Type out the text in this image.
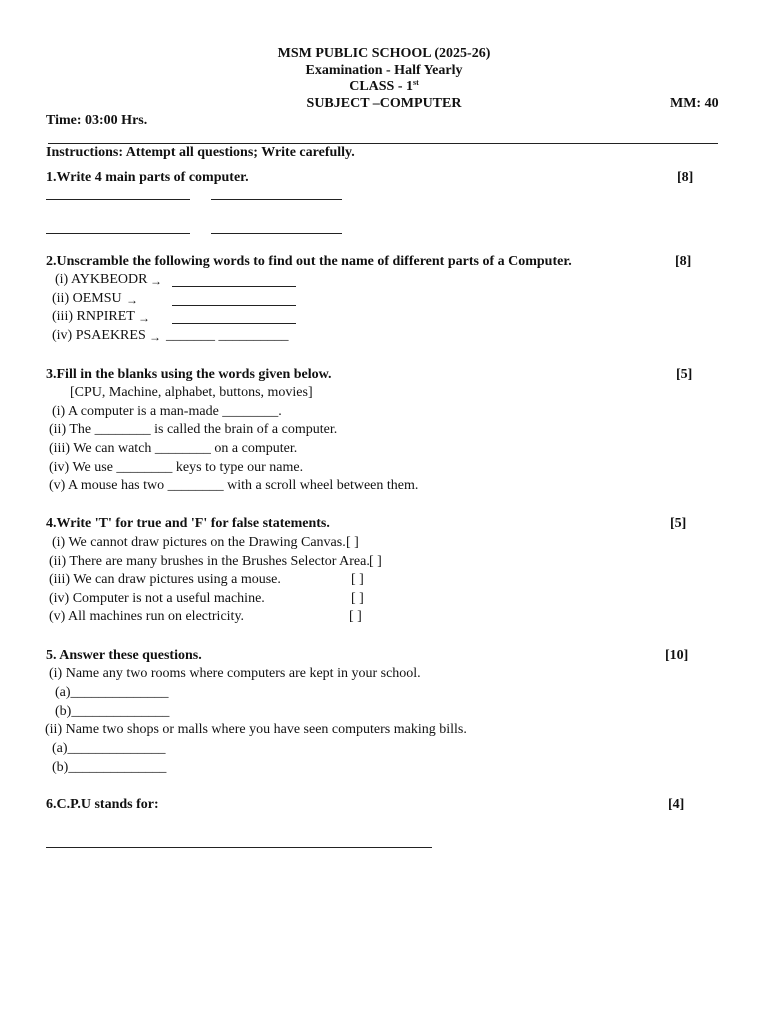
MSM PUBLIC SCHOOL (2025-26)
Examination - Half Yearly
CLASS - 1st
SUBJECT –COMPUTER	MM: 40
Time: 03:00 Hrs.
Instructions: Attempt all questions; Write carefully.
1.Write 4 main parts of computer.	[8]
2.Unscramble the following words to find out the name of different parts of a Computer.	[8]
(i) AYKBEODR →
(ii) OEMSU →
(iii) RNPIRET →
(iv) PSAEKRES → _______ __________
3.Fill in the blanks using the words given below.	[5]
[CPU, Machine, alphabet, buttons, movies]
(i) A computer is a man-made ________.
(ii) The ________ is called the brain of a computer.
(iii) We can watch ________ on a computer.
(iv) We use ________ keys to type our name.
(v) A mouse has two ________ with a scroll wheel between them.
4.Write 'T' for true and 'F' for false statements.	[5]
(i) We cannot draw pictures on the Drawing Canvas. [ ]
(ii) There are many brushes in the Brushes Selector Area. [ ]
(iii) We can draw pictures using a mouse.	[ ]
(iv) Computer is not a useful machine.	[ ]
(v) All machines run on electricity.	[ ]
5. Answer these questions.	[10]
(i) Name any two rooms where computers are kept in your school.
(a)______________
(b)______________
(ii) Name two shops or malls where you have seen computers making bills.
(a)______________
(b)______________
6.C.P.U stands for:	[4]
